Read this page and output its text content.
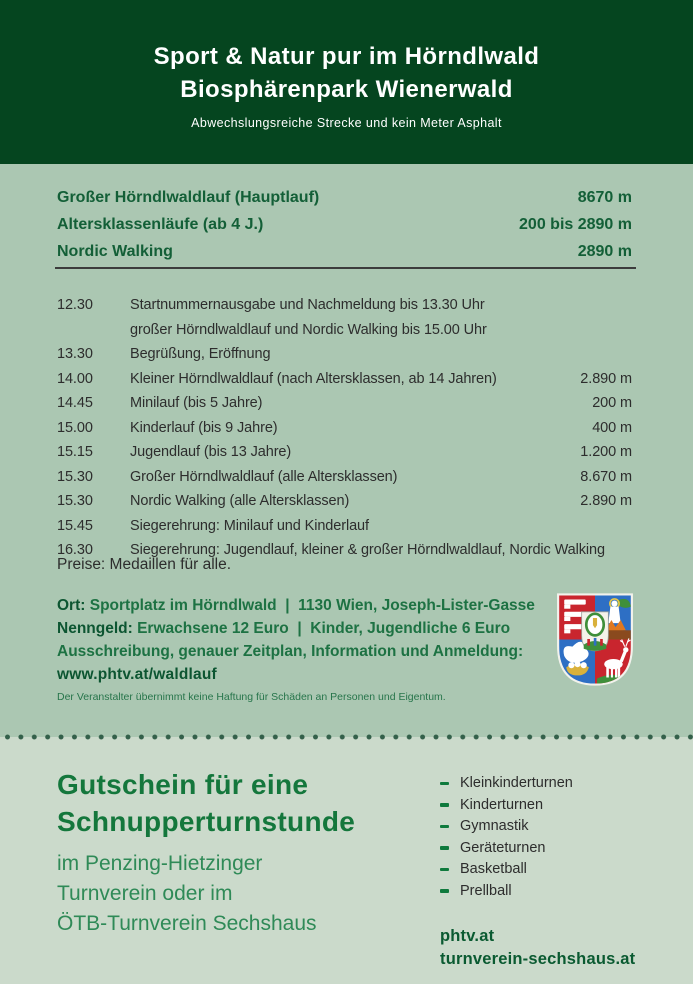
Sport & Natur pur im Hörndlwald
Biosphärenpark Wienerwald
Abwechslungsreiche Strecke und kein Meter Asphalt
Großer Hörndlwaldlauf (Hauptlauf)	8670 m
Altersklassenläufe (ab 4 J.)	200 bis 2890 m
Nordic Walking	2890 m
12.30	Startnummernausgabe und Nachmeldung bis 13.30 Uhr
großer Hörndlwaldlauf und Nordic Walking bis 15.00 Uhr
13.30	Begrüßung, Eröffnung
14.00	Kleiner Hörndlwaldlauf (nach Altersklassen, ab 14 Jahren)	2.890 m
14.45	Minilauf (bis 5 Jahre)	200 m
15.00	Kinderlauf (bis 9 Jahre)	400 m
15.15	Jugendlauf (bis 13 Jahre)	1.200 m
15.30	Großer Hörndlwaldlauf (alle Altersklassen)	8.670 m
15.30	Nordic Walking (alle Altersklassen)	2.890 m
15.45	Siegerehrung: Minilauf und Kinderlauf
16.30	Siegerehrung: Jugendlauf, kleiner & großer Hörndlwaldlauf, Nordic Walking
Preise: Medaillen für alle.
Ort: Sportplatz im Hörndlwald  |  1130 Wien, Joseph-Lister-Gasse
Nenngeld: Erwachsene 12 Euro  |  Kinder, Jugendliche 6 Euro
Ausschreibung, genauer Zeitplan, Information und Anmeldung:
www.phtv.at/waldlauf
Der Veranstalter übernimmt keine Haftung für Schäden an Personen und Eigentum.
Gutschein für eine
Schnupperturnstunde
im Penzing-Hietzinger
Turnverein oder im
ÖTB-Turnverein Sechshaus
Kleinkinderturnen
Kinderturnen
Gymnastik
Geräteturnen
Basketball
Prellball
phtv.at
turnverein-sechshaus.at
